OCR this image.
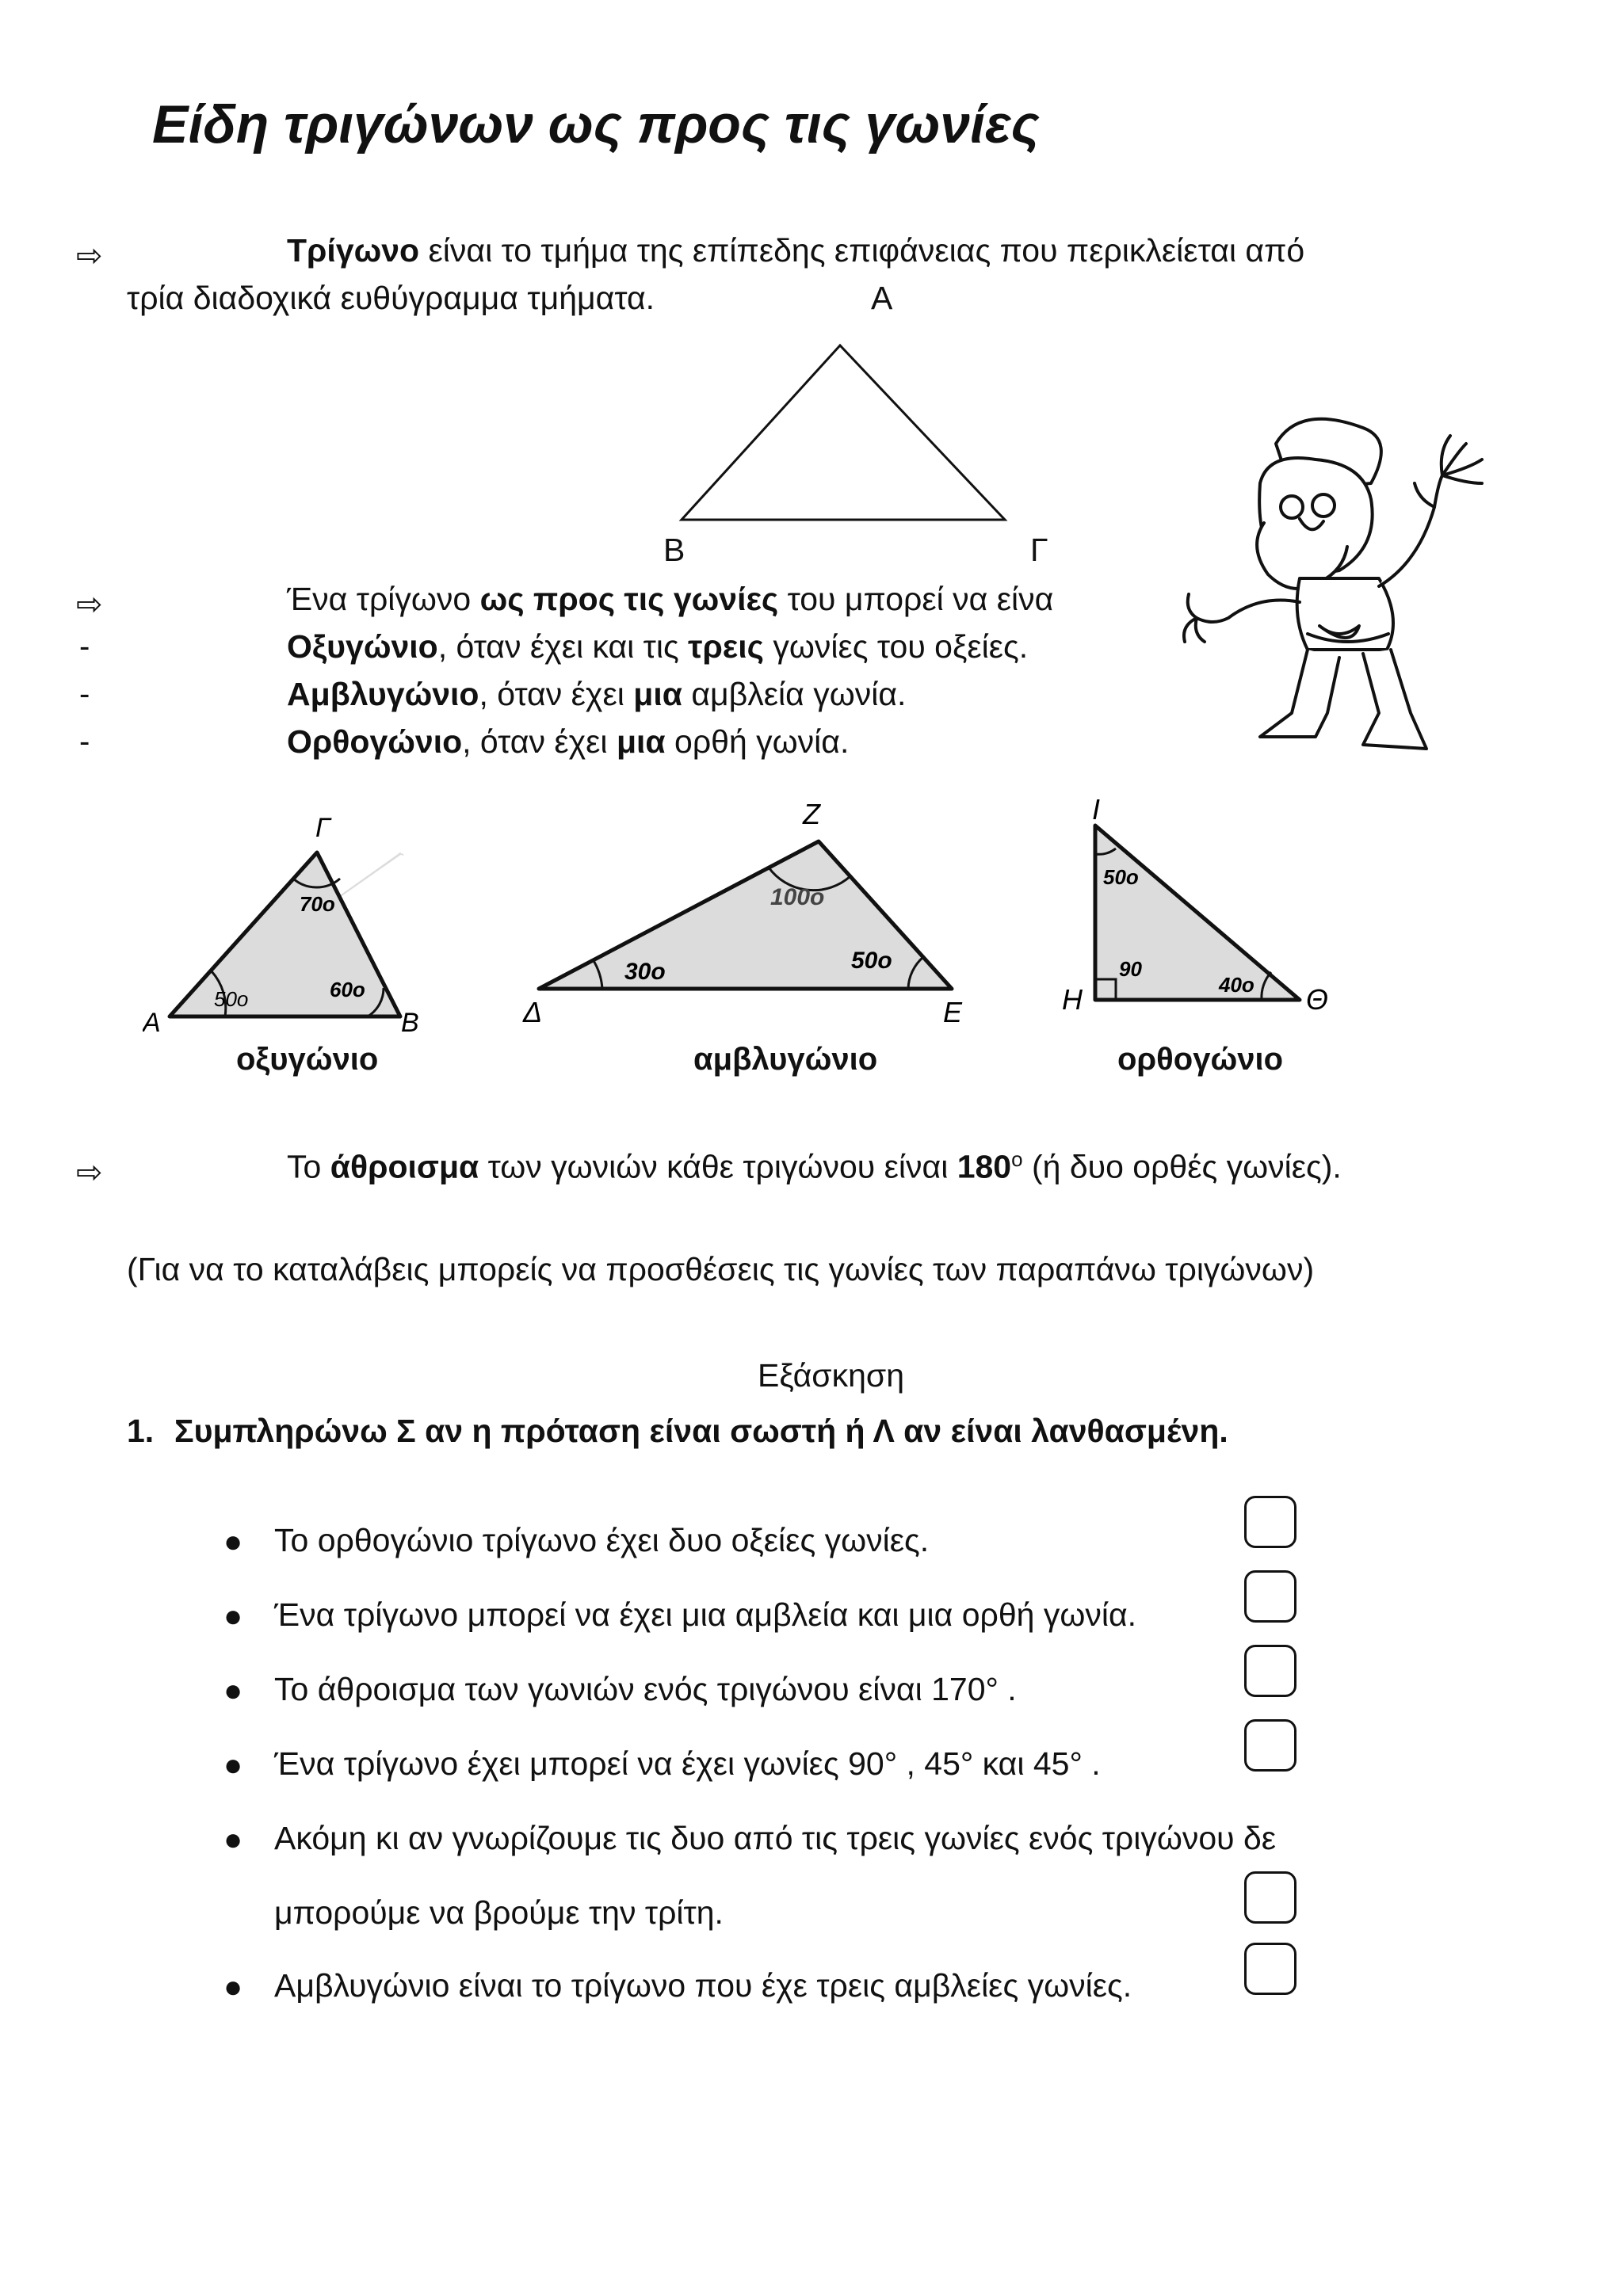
Είδη τριγώνων ως προς τις γωνίες
⇨	Τρίγωνο είναι το τμήμα της επίπεδης επιφάνειας που περικλείεται από
τρία διαδοχικά ευθύγραμμα τμήματα.	Α
Β	Γ
⇨	Ένα τρίγωνο ως προς τις γωνίες του μπορεί να είνα
-	Οξυγώνιο, όταν έχει και τις τρεις γωνίες του οξείες.
-	Αμβλυγώνιο, όταν έχει μια αμβλεία γωνία.
-	Ορθογώνιο, όταν έχει μια ορθή γωνία.
50ο	60ο
70ο
Α	Β
Γ
30ο	50ο
100ο
Δ	Ε
Ζ
50ο
90
40ο
Η	Θ
Ι
οξυγώνιο	αμβλυγώνιο	ορθογώνιο
⇨	Το άθροισμα των γωνιών κάθε τριγώνου είναι $180^o$ (ή δυο ορθές γωνίες).
(Για να το καταλάβεις μπορείς να προσθέσεις τις γωνίες των παραπάνω τριγώνων)
Εξάσκηση
1. Συμπληρώνω Σ αν η πρόταση είναι σωστή ή Λ αν είναι λανθασμένη.
● Το ορθογώνιο τρίγωνο έχει δυο οξείες γωνίες.
● Ένα τρίγωνο μπορεί να έχει μια αμβλεία και μια ορθή γωνία.
● Το άθροισμα των γωνιών ενός τριγώνου είναι 170° .
● Ένα τρίγωνο έχει μπορεί να έχει γωνίες 90° , 45° και 45° .
● Ακόμη κι αν γνωρίζουμε τις δυο από τις τρεις γωνίες ενός τριγώνου δε
μπορούμε να βρούμε την τρίτη.
● Αμβλυγώνιο είναι το τρίγωνο που έχε τρεις αμβλείες γωνίες.
